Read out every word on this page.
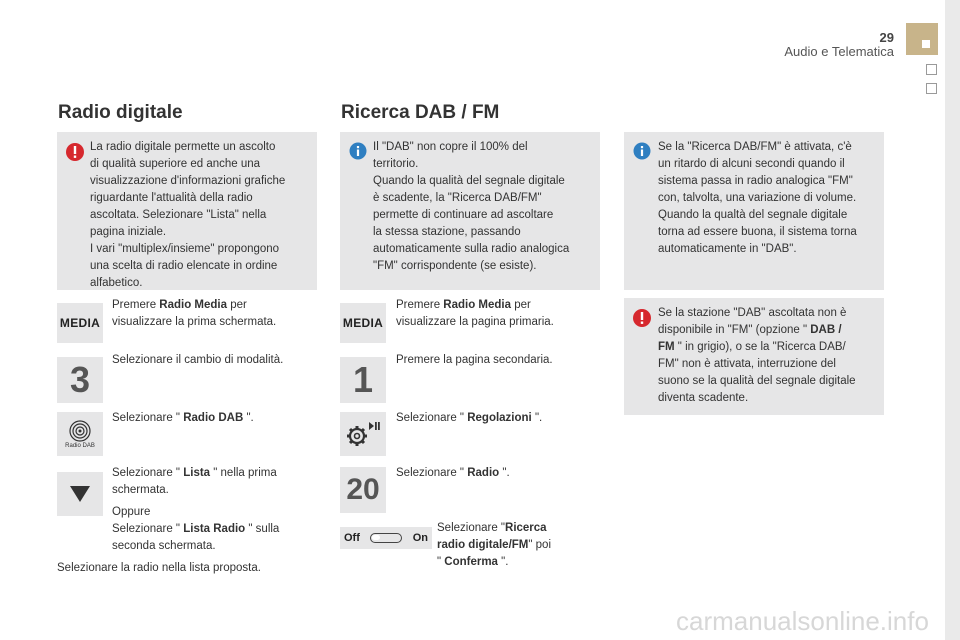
29
Audio e Telematica
Radio digitale
La radio digitale permette un ascolto
di qualità superiore ed anche una
visualizzazione d'informazioni grafiche
riguardante l'attualità della radio
ascoltata. Selezionare "Lista" nella
pagina iniziale.
I vari "multiplex/insieme" propongono
una scelta di radio elencate in ordine
alfabetico.
MEDIA
Premere Radio Media per
visualizzare la prima schermata.
3 Selezionare il cambio di modalità.
Radio DAB
Selezionare " Radio DAB ".
Selezionare " Lista " nella prima
schermata.
Oppure
Selezionare " Lista Radio " sulla
seconda schermata.
Selezionare la radio nella lista proposta.
Ricerca DAB / FM
Il "DAB" non copre il 100% del
territorio.
Quando la qualità del segnale digitale
è scadente, la "Ricerca DAB/FM"
permette di continuare ad ascoltare
la stessa stazione, passando
automaticamente sulla radio analogica
"FM" corrispondente (se esiste).
Se la "Ricerca DAB/FM" è attivata, c'è
un ritardo di alcuni secondi quando il
sistema passa in radio analogica "FM"
con, talvolta, una variazione di volume.
Quando la qualtà del segnale digitale
torna ad essere buona, il sistema torna
automaticamente in "DAB".
Se la stazione "DAB" ascoltata non è
disponibile in "FM" (opzione " DAB /
FM " in grigio), o se la "Ricerca DAB/
FM" non è attivata, interruzione del
suono se la qualità del segnale digitale
diventa scadente.
MEDIA
Premere Radio Media per
visualizzare la pagina primaria.
1 Premere la pagina secondaria.
Selezionare " Regolazioni ".
20 Selezionare " Radio ".
Off	On
Selezionare "Ricerca
radio digitale/FM" poi
" Conferma ".
carmanualsonline.info
